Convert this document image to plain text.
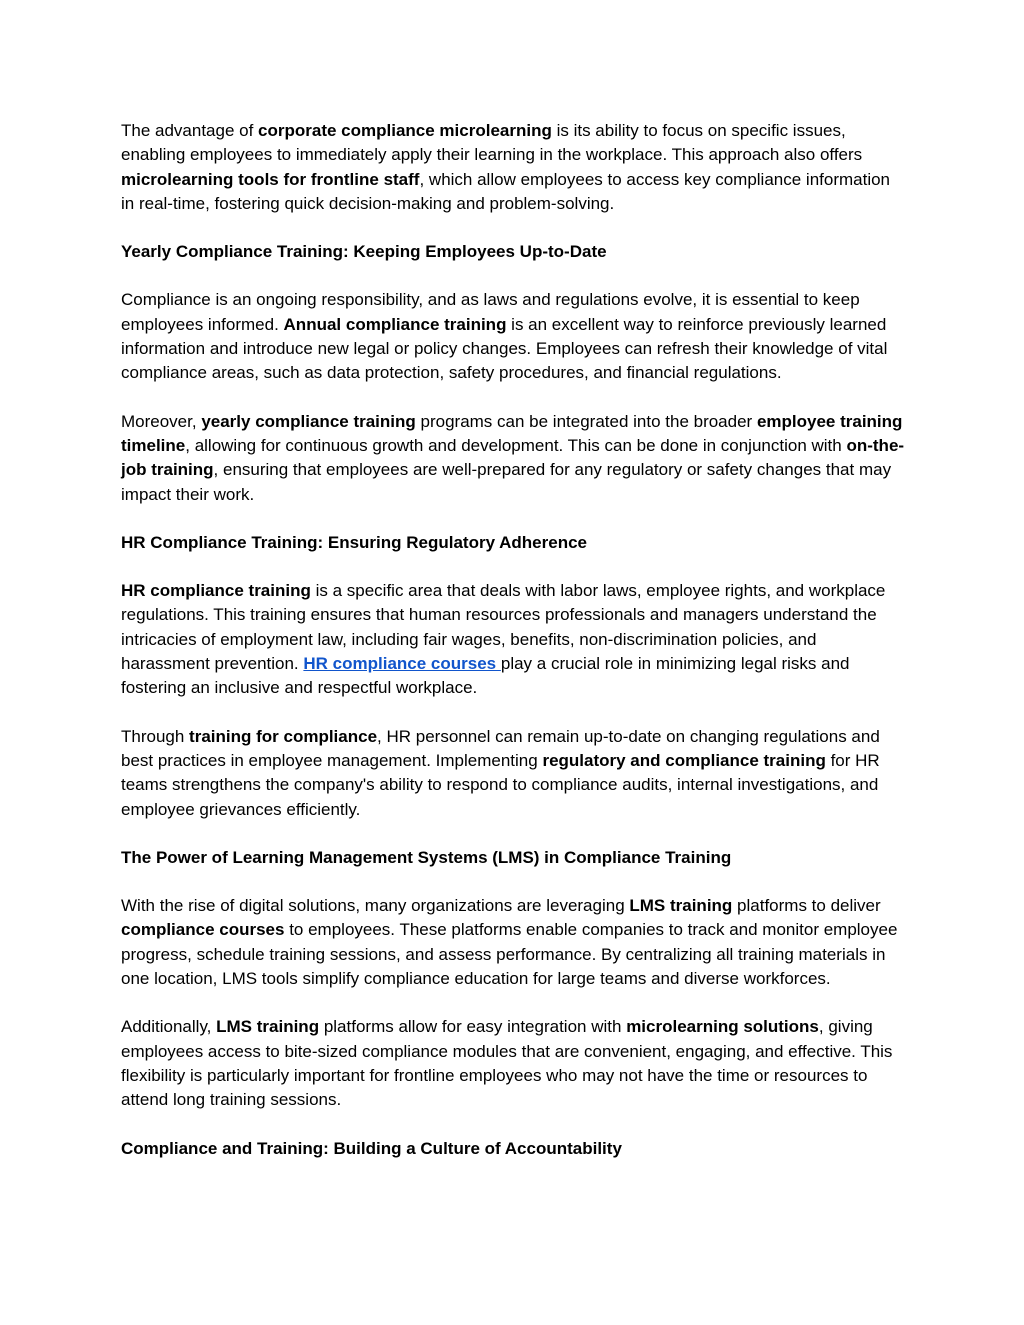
The advantage of corporate compliance microlearning is its ability to focus on specific issues, enabling employees to immediately apply their learning in the workplace. This approach also offers microlearning tools for frontline staff, which allow employees to access key compliance information in real-time, fostering quick decision-making and problem-solving.

Yearly Compliance Training: Keeping Employees Up-to-Date

Compliance is an ongoing responsibility, and as laws and regulations evolve, it is essential to keep employees informed. Annual compliance training is an excellent way to reinforce previously learned information and introduce new legal or policy changes. Employees can refresh their knowledge of vital compliance areas, such as data protection, safety procedures, and financial regulations.

Moreover, yearly compliance training programs can be integrated into the broader employee training timeline, allowing for continuous growth and development. This can be done in conjunction with on-the-job training, ensuring that employees are well-prepared for any regulatory or safety changes that may impact their work.

HR Compliance Training: Ensuring Regulatory Adherence

HR compliance training is a specific area that deals with labor laws, employee rights, and workplace regulations. This training ensures that human resources professionals and managers understand the intricacies of employment law, including fair wages, benefits, non-discrimination policies, and harassment prevention. HR compliance courses play a crucial role in minimizing legal risks and fostering an inclusive and respectful workplace.

Through training for compliance, HR personnel can remain up-to-date on changing regulations and best practices in employee management. Implementing regulatory and compliance training for HR teams strengthens the company's ability to respond to compliance audits, internal investigations, and employee grievances efficiently.

The Power of Learning Management Systems (LMS) in Compliance Training

With the rise of digital solutions, many organizations are leveraging LMS training platforms to deliver compliance courses to employees. These platforms enable companies to track and monitor employee progress, schedule training sessions, and assess performance. By centralizing all training materials in one location, LMS tools simplify compliance education for large teams and diverse workforces.

Additionally, LMS training platforms allow for easy integration with microlearning solutions, giving employees access to bite-sized compliance modules that are convenient, engaging, and effective. This flexibility is particularly important for frontline employees who may not have the time or resources to attend long training sessions.

Compliance and Training: Building a Culture of Accountability
